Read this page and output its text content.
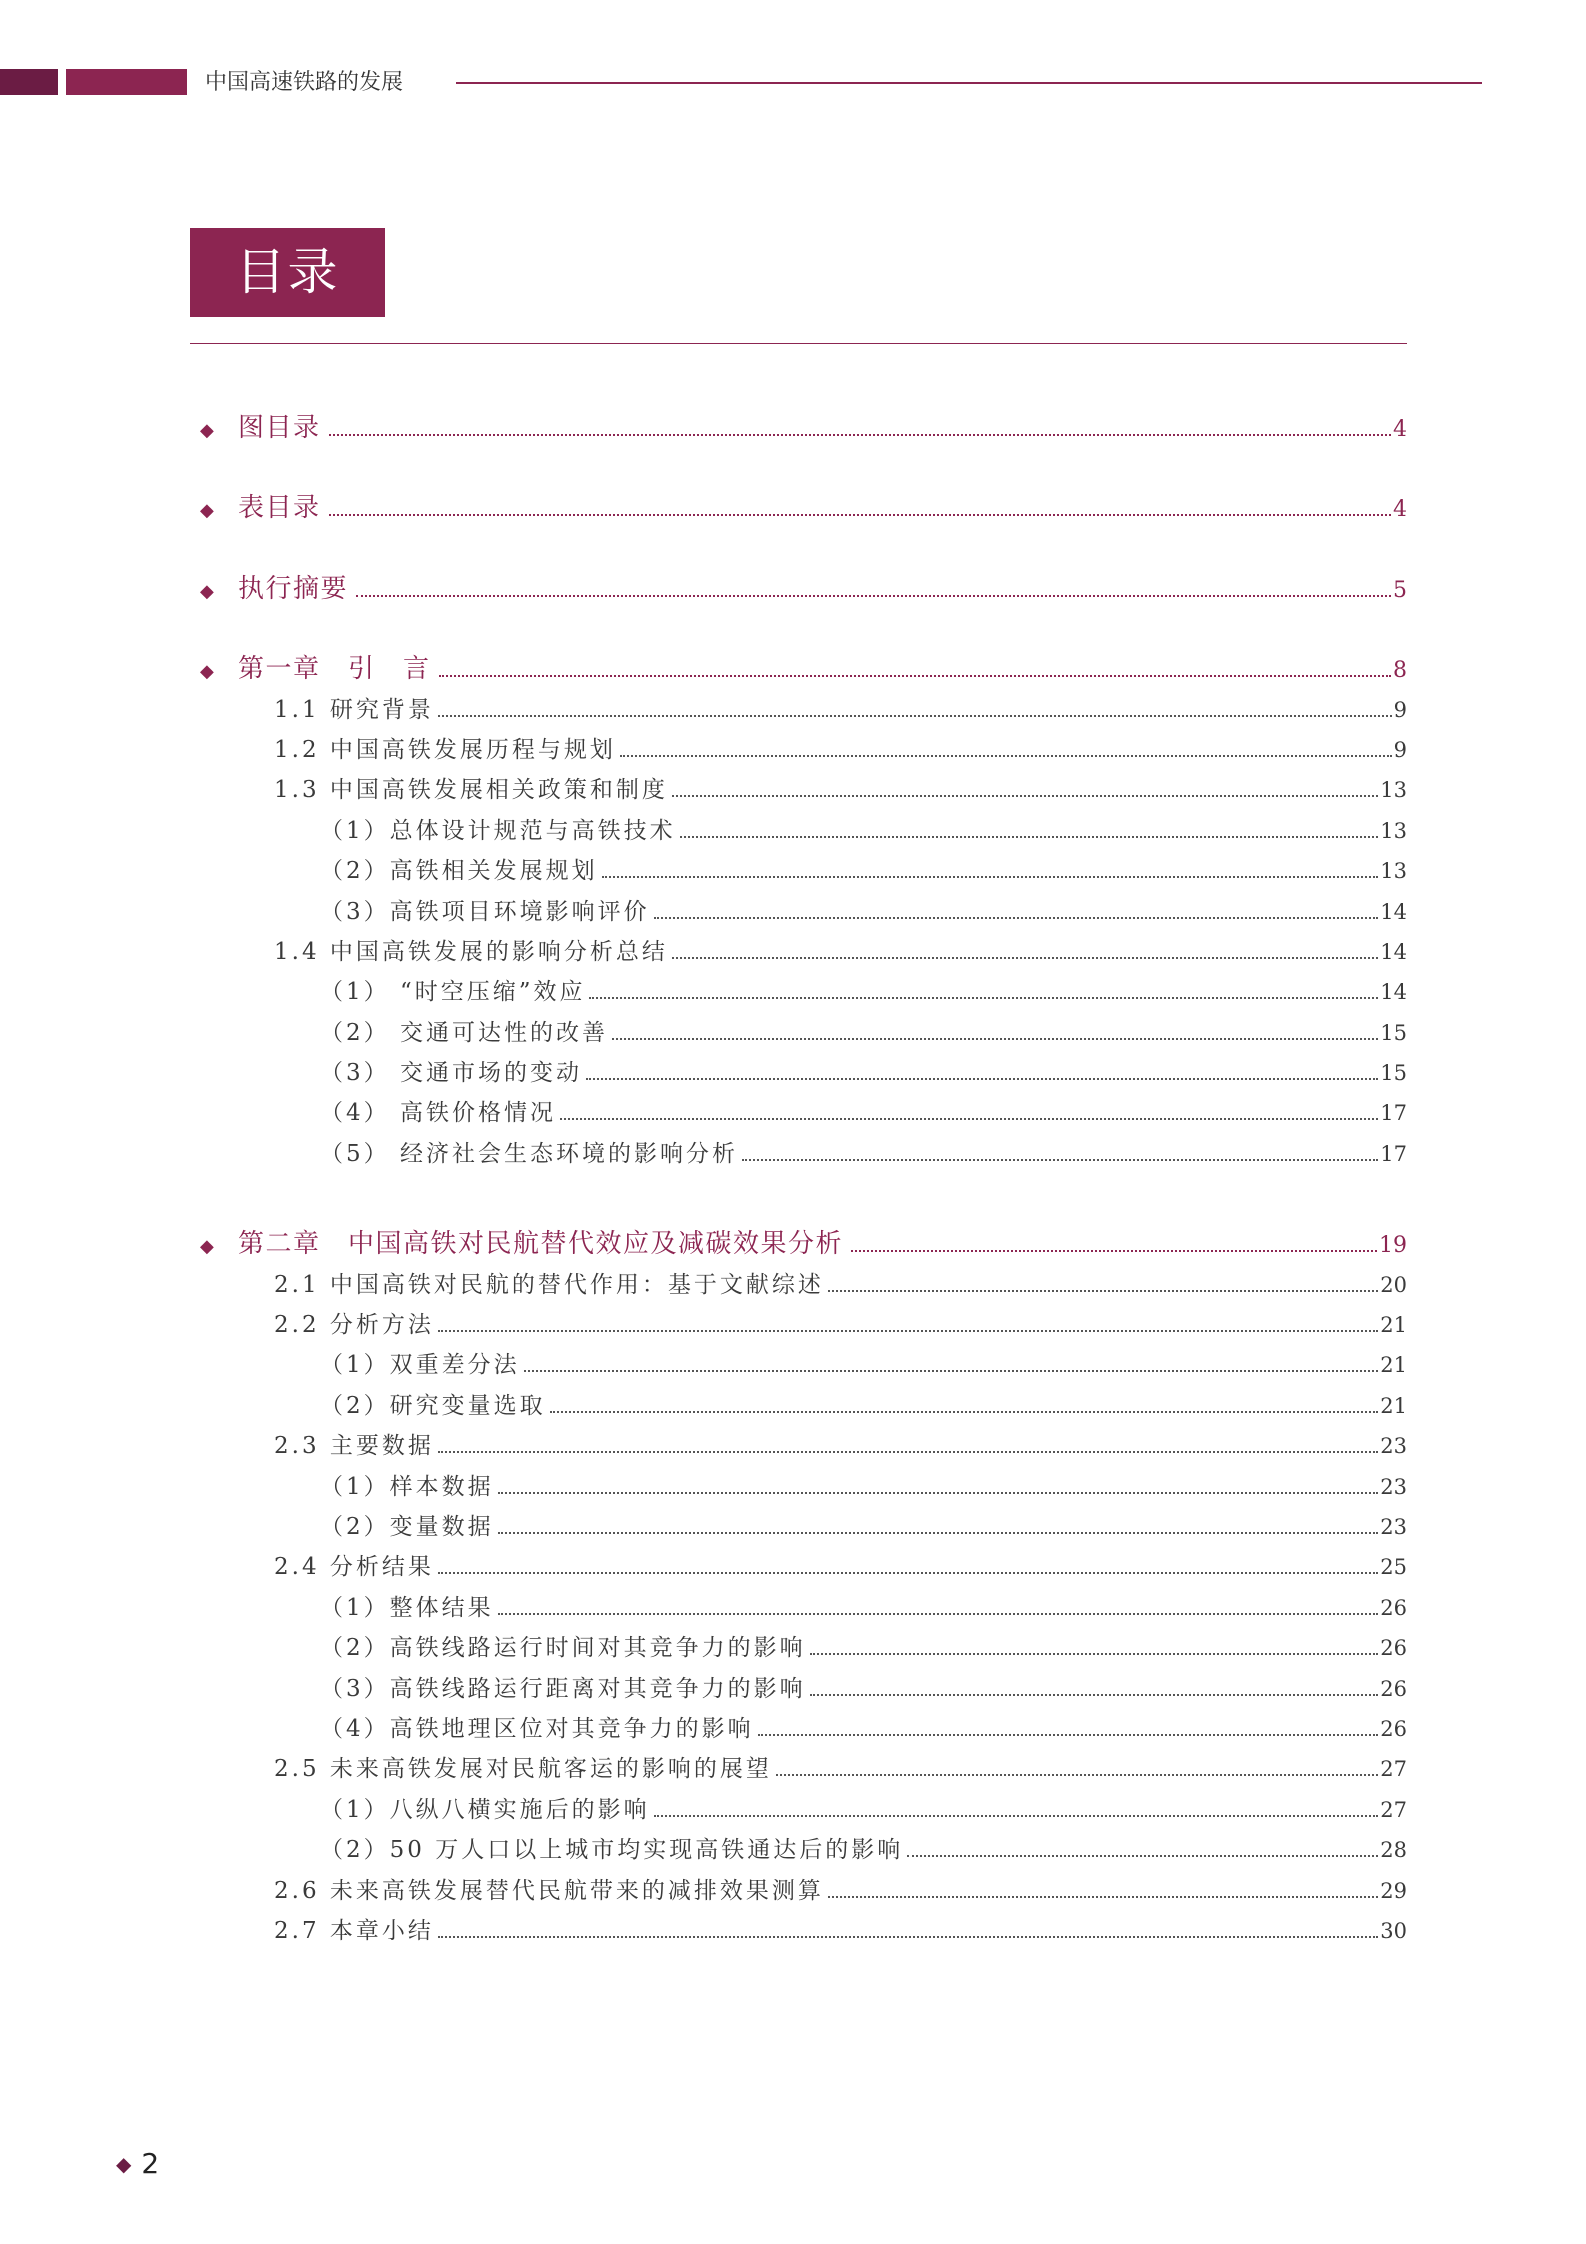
中国高速铁路的发展
目录
◆ 图目录	4
◆ 表目录	4
◆ 执行摘要	5
◆ 第一章　引　言	8
1.1 研究背景	9
1.2 中国高铁发展历程与规划	9
1.3 中国高铁发展相关政策和制度	13
（1）总体设计规范与高铁技术	13
（2）高铁相关发展规划	13
（3）高铁项目环境影响评价	14
1.4 中国高铁发展的影响分析总结	14
（1） “时空压缩”效应	14
（2） 交通可达性的改善	15
（3） 交通市场的变动	15
（4） 高铁价格情况	17
（5） 经济社会生态环境的影响分析	17
◆ 第二章　中国高铁对民航替代效应及减碳效果分析	19
2.1 中国高铁对民航的替代作用：基于文献综述	20
2.2 分析方法	21
（1）双重差分法	21
（2）研究变量选取	21
2.3 主要数据	23
（1）样本数据	23
（2）变量数据	23
2.4 分析结果	25
（1）整体结果	26
（2）高铁线路运行时间对其竞争力的影响	26
（3）高铁线路运行距离对其竞争力的影响	26
（4）高铁地理区位对其竞争力的影响	26
2.5 未来高铁发展对民航客运的影响的展望	27
（1）八纵八横实施后的影响	27
（2）50 万人口以上城市均实现高铁通达后的影响	28
2.6 未来高铁发展替代民航带来的减排效果测算	29
2.7 本章小结	30
◆ 2
